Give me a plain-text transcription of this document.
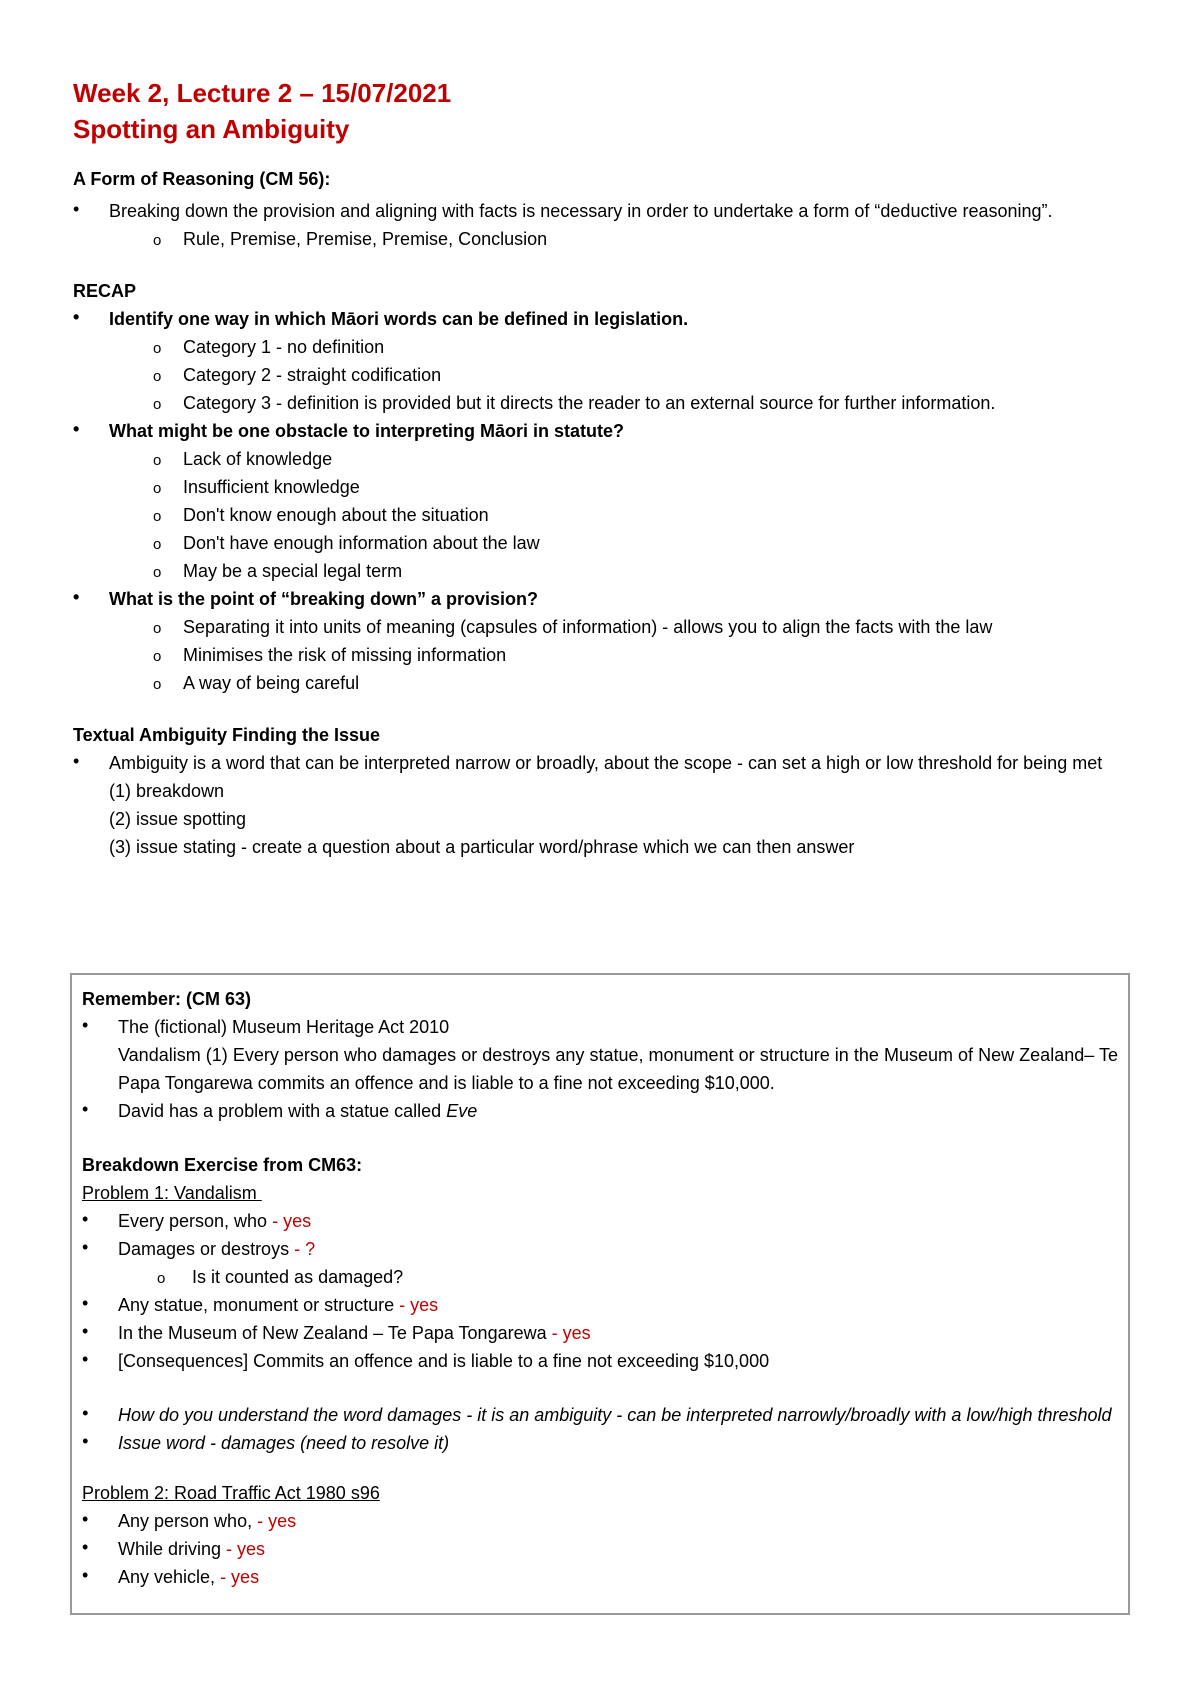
Week 2, Lecture 2 – 15/07/2021
Spotting an Ambiguity

A Form of Reasoning (CM 56):

Breaking down the provision and aligning with facts is necessary in order to undertake a form of “deductive reasoning”.
o
Rule, Premise, Premise, Premise, Conclusion

RECAP

Identify one way in which Māori words can be defined in legislation.
o
Category 1 - no definition
o
Category 2 - straight codification
o
Category 3 - definition is provided but it directs the reader to an external source for further information.
What might be one obstacle to interpreting Māori in statute?
o
Lack of knowledge
o
Insufficient knowledge
o
Don't know enough about the situation
o
Don't have enough information about the law
o
May be a special legal term
What is the point of “breaking down” a provision?
o
Separating it into units of meaning (capsules of information) - allows you to align the facts with the law
o
Minimises the risk of missing information
o
A way of being careful

Textual Ambiguity Finding the Issue

Ambiguity is a word that can be interpreted narrow or broadly, about the scope - can set a high or low threshold for being met
(1) breakdown
(2) issue spotting
(3) issue stating - create a question about a particular word/phrase which we can then answer

Remember: (CM 63)

The (fictional) Museum Heritage Act 2010
Vandalism (1) Every person who damages or destroys any statue, monument or structure in the Museum of New Zealand– Te Papa Tongarewa commits an offence and is liable to a fine not exceeding $10,000.
David has a problem with a statue called Eve

Breakdown Exercise from CM63:

Problem 1: Vandalism
Every person, who - yes
Damages or destroys - ?
o
Is it counted as damaged?
Any statue, monument or structure - yes
In the Museum of New Zealand – Te Papa Tongarewa - yes
[Consequences] Commits an offence and is liable to a fine not exceeding $10,000
How do you understand the word damages - it is an ambiguity - can be interpreted narrowly/broadly with a low/high threshold
Issue word - damages (need to resolve it)
Problem 2: Road Traffic Act 1980 s96
Any person who, - yes
While driving - yes
Any vehicle, - yes
